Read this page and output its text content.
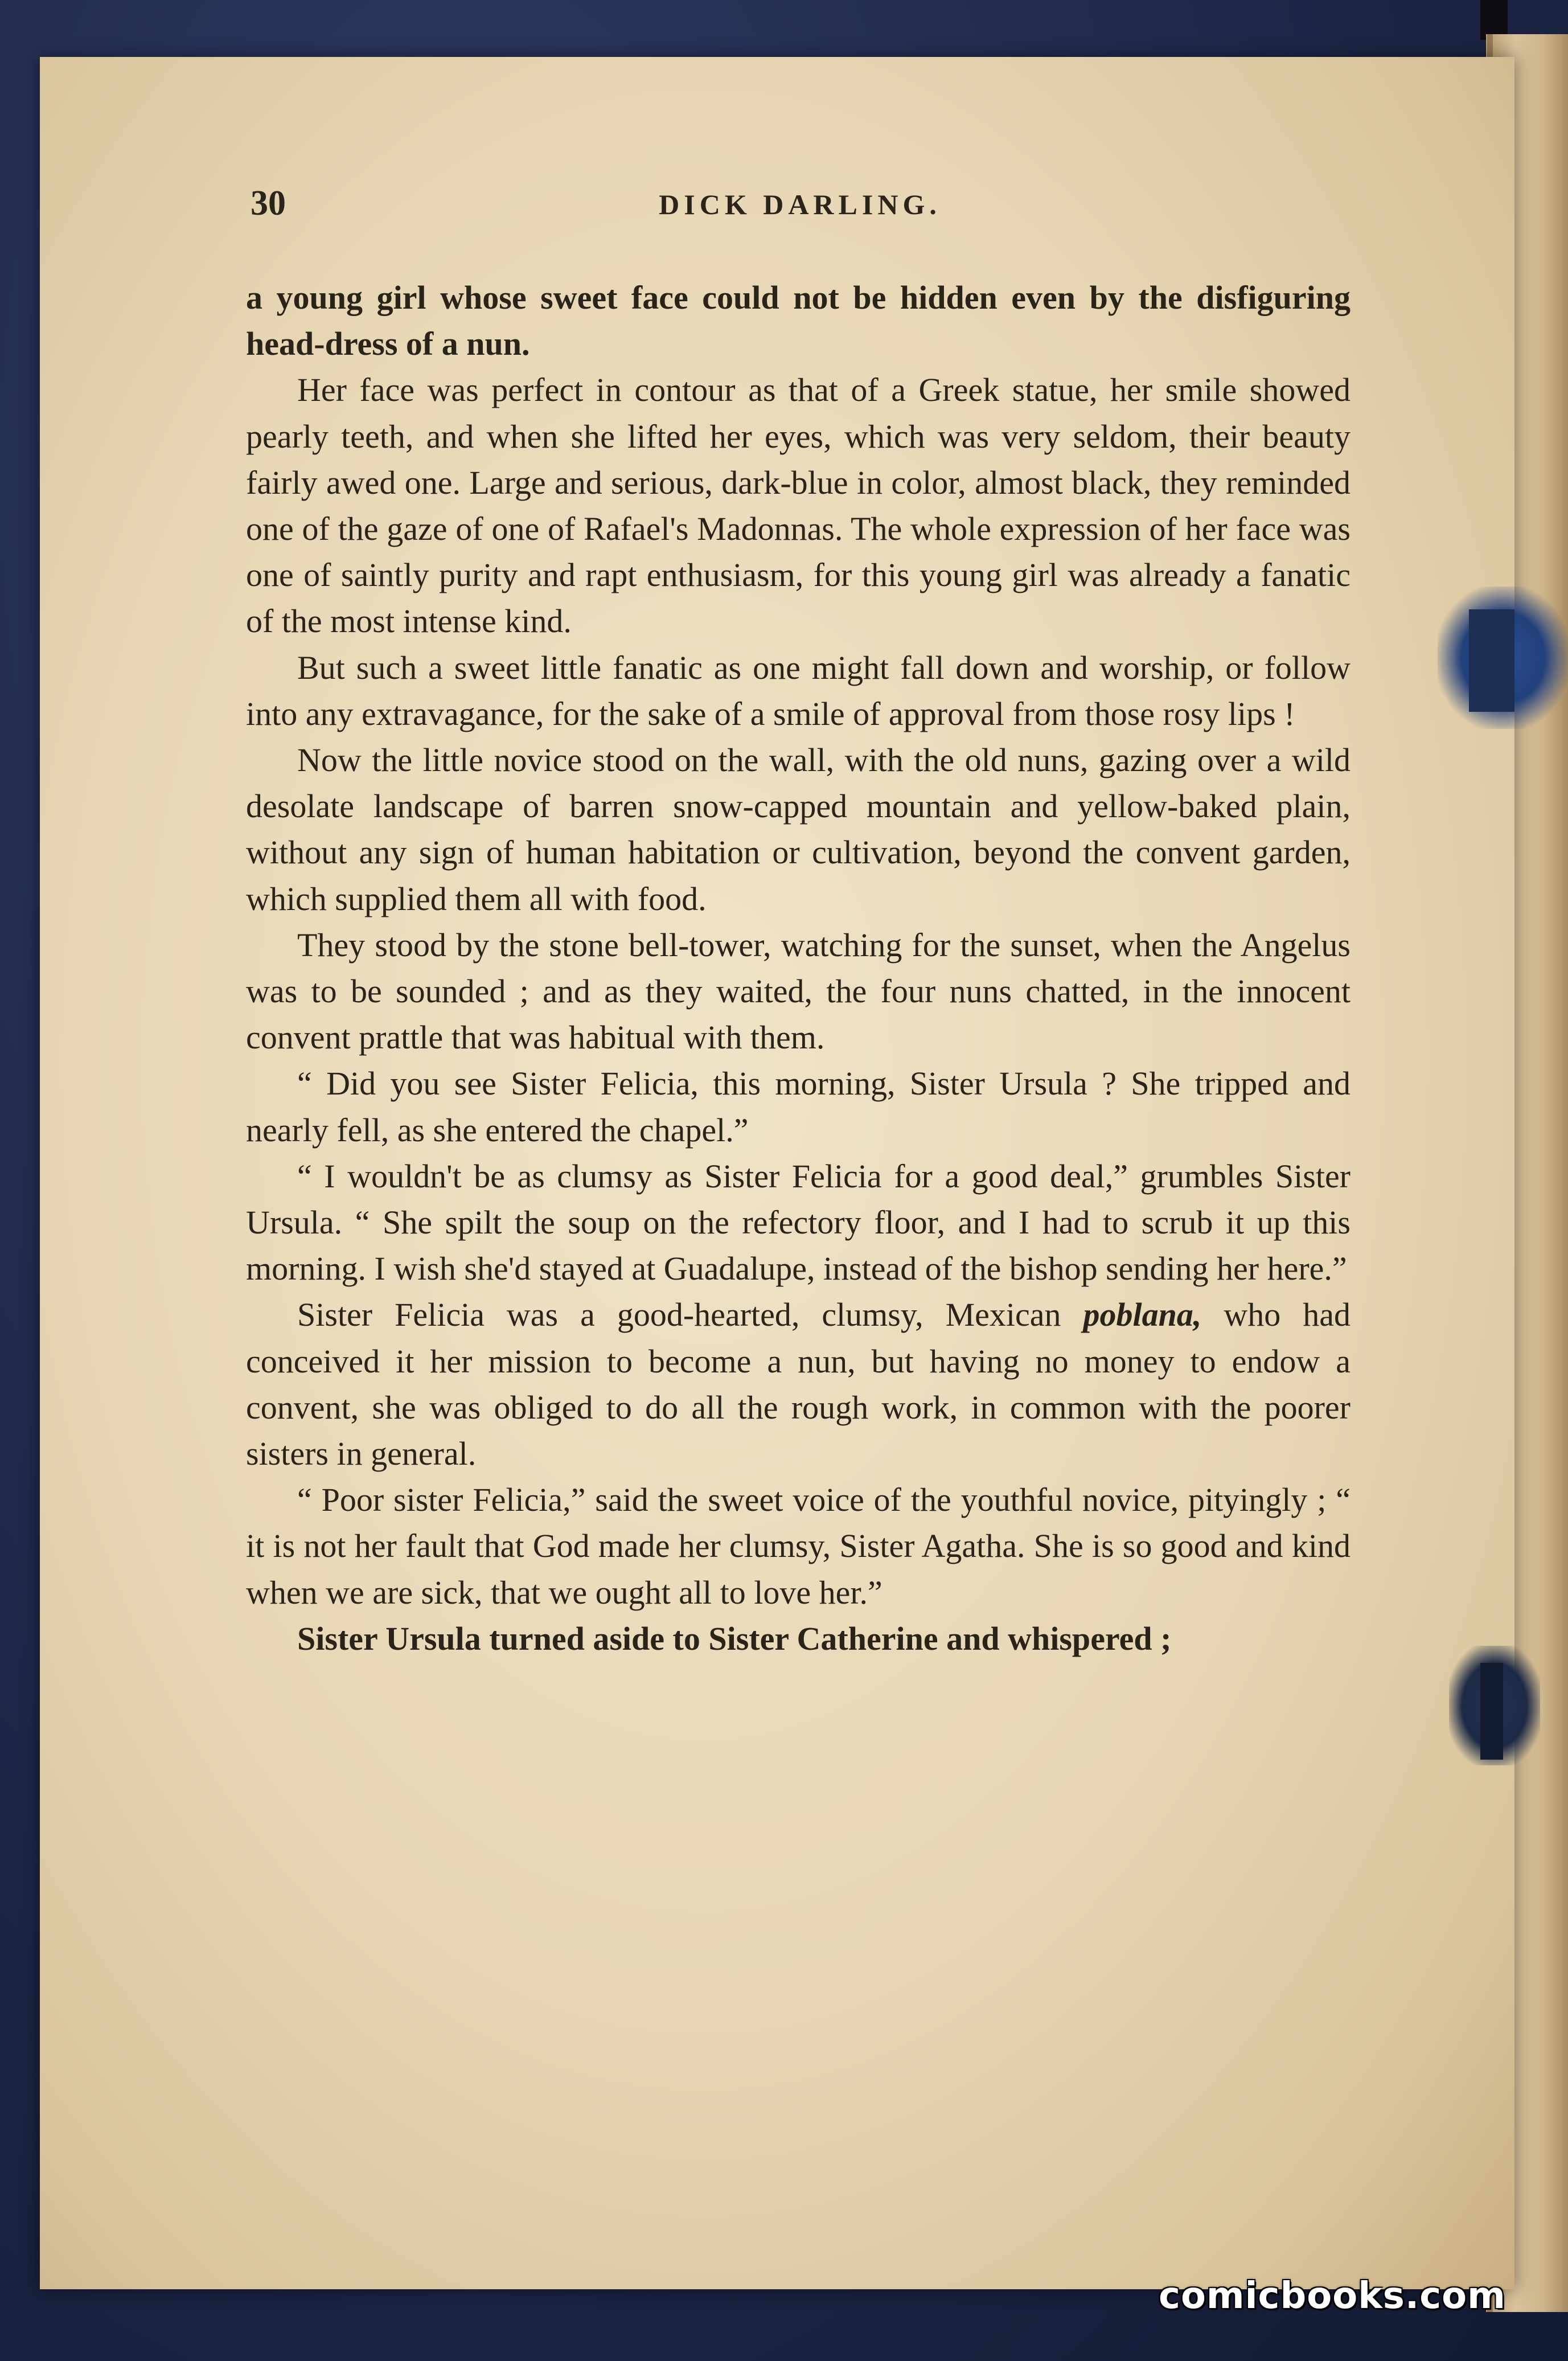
30	DICK DARLING.

a young girl whose sweet face could not be hidden even by the disfiguring head-dress of a nun.

Her face was perfect in contour as that of a Greek statue, her smile showed pearly teeth, and when she lifted her eyes, which was very seldom, their beauty fairly awed one. Large and serious, dark-blue in color, almost black, they reminded one of the gaze of one of Rafael's Madonnas. The whole expression of her face was one of saintly purity and rapt enthusiasm, for this young girl was already a fanatic of the most intense kind.

But such a sweet little fanatic as one might fall down and worship, or follow into any extravagance, for the sake of a smile of approval from those rosy lips !

Now the little novice stood on the wall, with the old nuns, gazing over a wild desolate landscape of barren snow-capped mountain and yellow-baked plain, without any sign of human habitation or cultivation, beyond the convent garden, which supplied them all with food.

They stood by the stone bell-tower, watching for the sunset, when the Angelus was to be sounded ; and as they waited, the four nuns chatted, in the innocent convent prattle that was habitual with them.

“ Did you see Sister Felicia, this morning, Sister Ursula ? She tripped and nearly fell, as she entered the chapel.”

“ I wouldn't be as clumsy as Sister Felicia for a good deal,” grumbles Sister Ursula. “ She spilt the soup on the refectory floor, and I had to scrub it up this morning. I wish she'd stayed at Guadalupe, instead of the bishop sending her here.”

Sister Felicia was a good-hearted, clumsy, Mexican poblana, who had conceived it her mission to become a nun, but having no money to endow a convent, she was obliged to do all the rough work, in common with the poorer sisters in general.

“ Poor sister Felicia,” said the sweet voice of the youthful novice, pityingly ; “ it is not her fault that God made her clumsy, Sister Agatha. She is so good and kind when we are sick, that we ought all to love her.”

Sister Ursula turned aside to Sister Catherine and whispered ;

comicbooks.com
